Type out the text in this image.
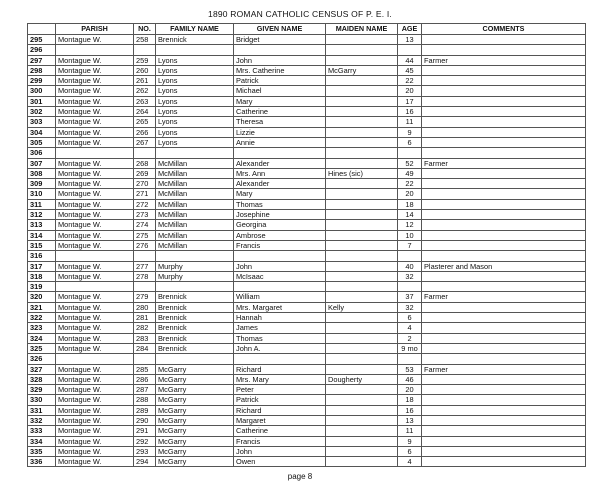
1890 ROMAN CATHOLIC CENSUS OF P. E. I.
	PARISH	NO.	FAMILY NAME	GIVEN NAME	MAIDEN NAME	AGE	COMMENTS
295	Montague W.	258	Brennick	Bridget		13	
296							
297	Montague W.	259	Lyons	John		44	Farmer
298	Montague W.	260	Lyons	Mrs. Catherine	McGarry	45	
299	Montague W.	261	Lyons	Patrick		22	
300	Montague W.	262	Lyons	Michael		20	
301	Montague W.	263	Lyons	Mary		17	
302	Montague W.	264	Lyons	Catherine		16	
303	Montague W.	265	Lyons	Theresa		11	
304	Montague W.	266	Lyons	Lizzie		9	
305	Montague W.	267	Lyons	Annie		6	
306							
307	Montague W.	268	McMillan	Alexander		52	Farmer
308	Montague W.	269	McMillan	Mrs. Ann	Hines (sic)	49	
309	Montague W.	270	McMillan	Alexander		22	
310	Montague W.	271	McMillan	Mary		20	
311	Montague W.	272	McMillan	Thomas		18	
312	Montague W.	273	McMillan	Josephine		14	
313	Montague W.	274	McMillan	Georgina		12	
314	Montague W.	275	McMillan	Ambrose		10	
315	Montague W.	276	McMillan	Francis		7	
316							
317	Montague W.	277	Murphy	John		40	Plasterer and Mason
318	Montague W.	278	Murphy	McIsaac		32	
319							
320	Montague W.	279	Brennick	William		37	Farmer
321	Montague W.	280	Brennick	Mrs. Margaret	Kelly	32	
322	Montague W.	281	Brennick	Hannah		6	
323	Montague W.	282	Brennick	James		4	
324	Montague W.	283	Brennick	Thomas		2	
325	Montague W.	284	Brennick	John A.		9 mo	
326							
327	Montague W.	285	McGarry	Richard		53	Farmer
328	Montague W.	286	McGarry	Mrs. Mary	Dougherty	46	
329	Montague W.	287	McGarry	Peter		20	
330	Montague W.	288	McGarry	Patrick		18	
331	Montague W.	289	McGarry	Richard		16	
332	Montague W.	290	McGarry	Margaret		13	
333	Montague W.	291	McGarry	Catherine		11	
334	Montague W.	292	McGarry	Francis		9	
335	Montague W.	293	McGarry	John		6	
336	Montague W.	294	McGarry	Owen		4	
page 8
